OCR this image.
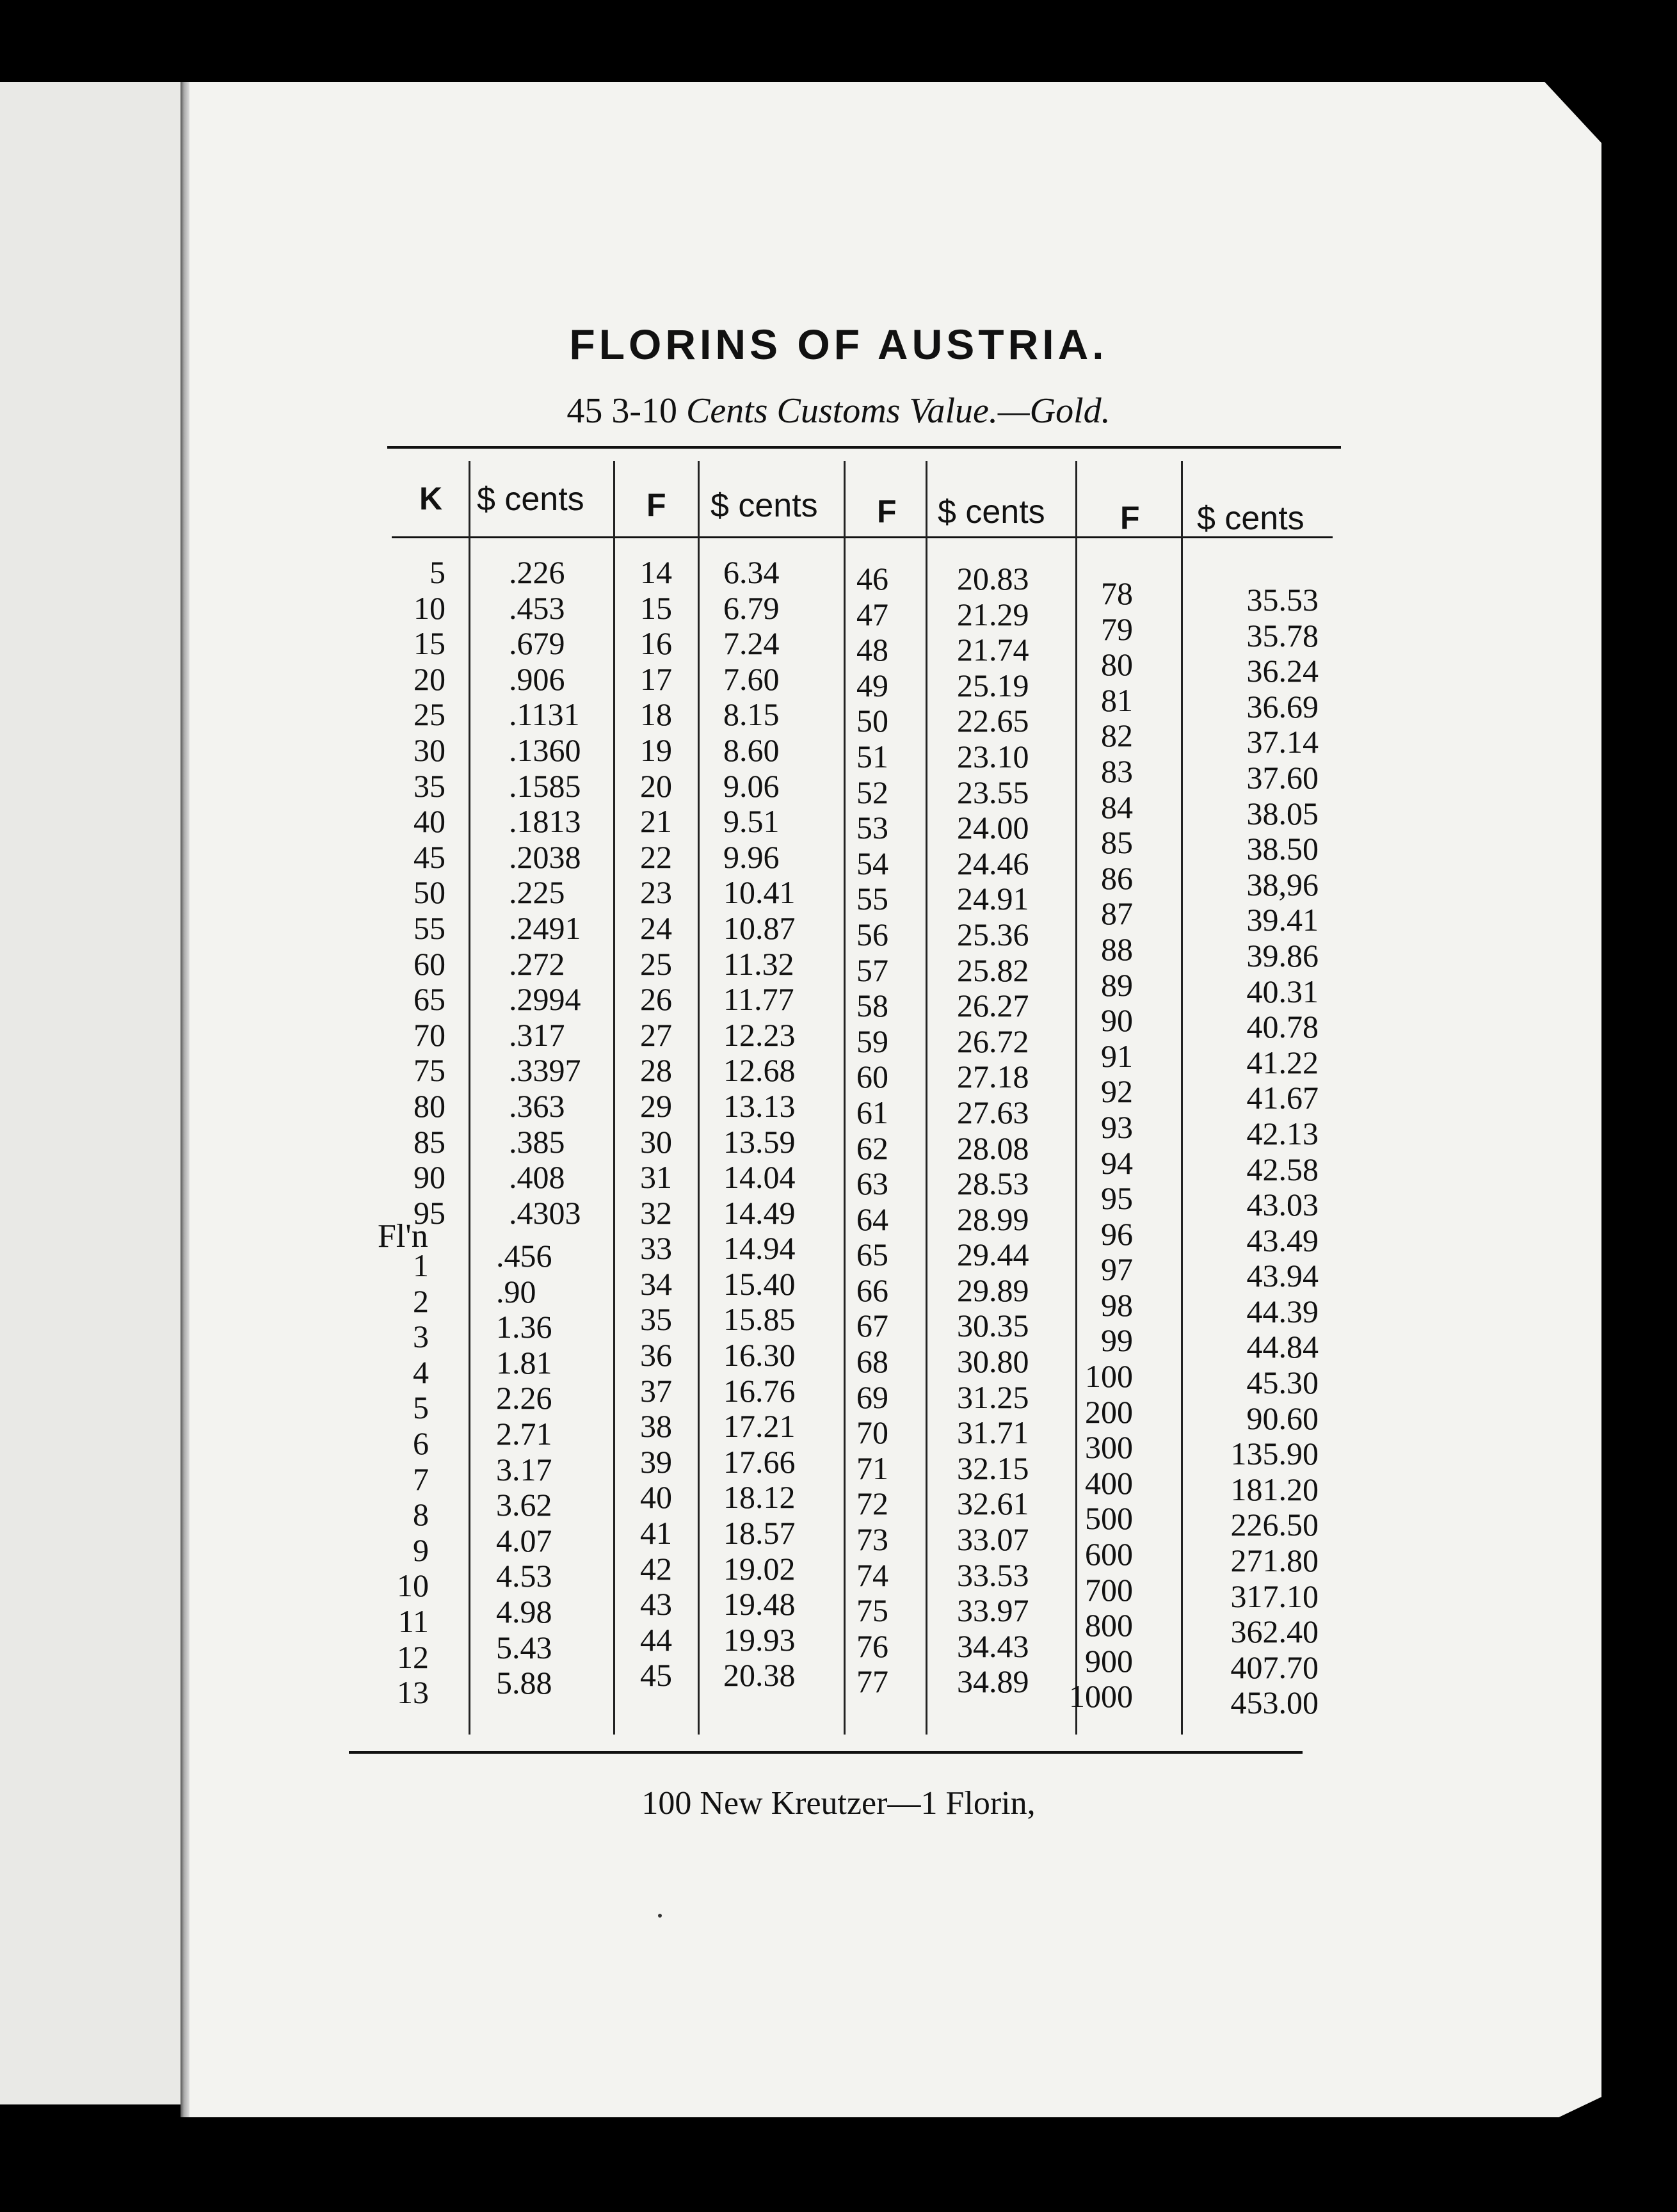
FLORINS OF AUSTRIA.
45 3-10 Cents Customs Value.—Gold.
K $ cents F $ cents F $ cents F $ cents
5
10
15
20
25
30
35
40
45
50
55
60
65
70
75
80
85
90
95
Fl'n
1
2
3
4
5
6
7
8
9
10
11
12
13
.226
.453
.679
.906
.1131
.1360
.1585
.1813
.2038
.225
.2491
.272
.2994
.317
.3397
.363
.385
.408
.4303
.456
.90
1.36
1.81
2.26
2.71
3.17
3.62
4.07
4.53
4.98
5.43
5.88
14
15
16
17
18
19
20
21
22
23
24
25
26
27
28
29
30
31
32
33
34
35
36
37
38
39
40
41
42
43
44
45
6.34
6.79
7.24
7.60
8.15
8.60
9.06
9.51
9.96
10.41
10.87
11.32
11.77
12.23
12.68
13.13
13.59
14.04
14.49
14.94
15.40
15.85
16.30
16.76
17.21
17.66
18.12
18.57
19.02
19.48
19.93
20.38
46
47
48
49
50
51
52
53
54
55
56
57
58
59
60
61
62
63
64
65
66
67
68
69
70
71
72
73
74
75
76
77
20.83
21.29
21.74
25.19
22.65
23.10
23.55
24.00
24.46
24.91
25.36
25.82
26.27
26.72
27.18
27.63
28.08
28.53
28.99
29.44
29.89
30.35
30.80
31.25
31.71
32.15
32.61
33.07
33.53
33.97
34.43
34.89
78
79
80
81
82
83
84
85
86
87
88
89
90
91
92
93
94
95
96
97
98
99
100
200
300
400
500
600
700
800
900
1000
35.53
35.78
36.24
36.69
37.14
37.60
38.05
38.50
38,96
39.41
39.86
40.31
40.78
41.22
41.67
42.13
42.58
43.03
43.49
43.94
44.39
44.84
45.30
90.60
135.90
181.20
226.50
271.80
317.10
362.40
407.70
453.00
100 New Kreutzer—1 Florin,
